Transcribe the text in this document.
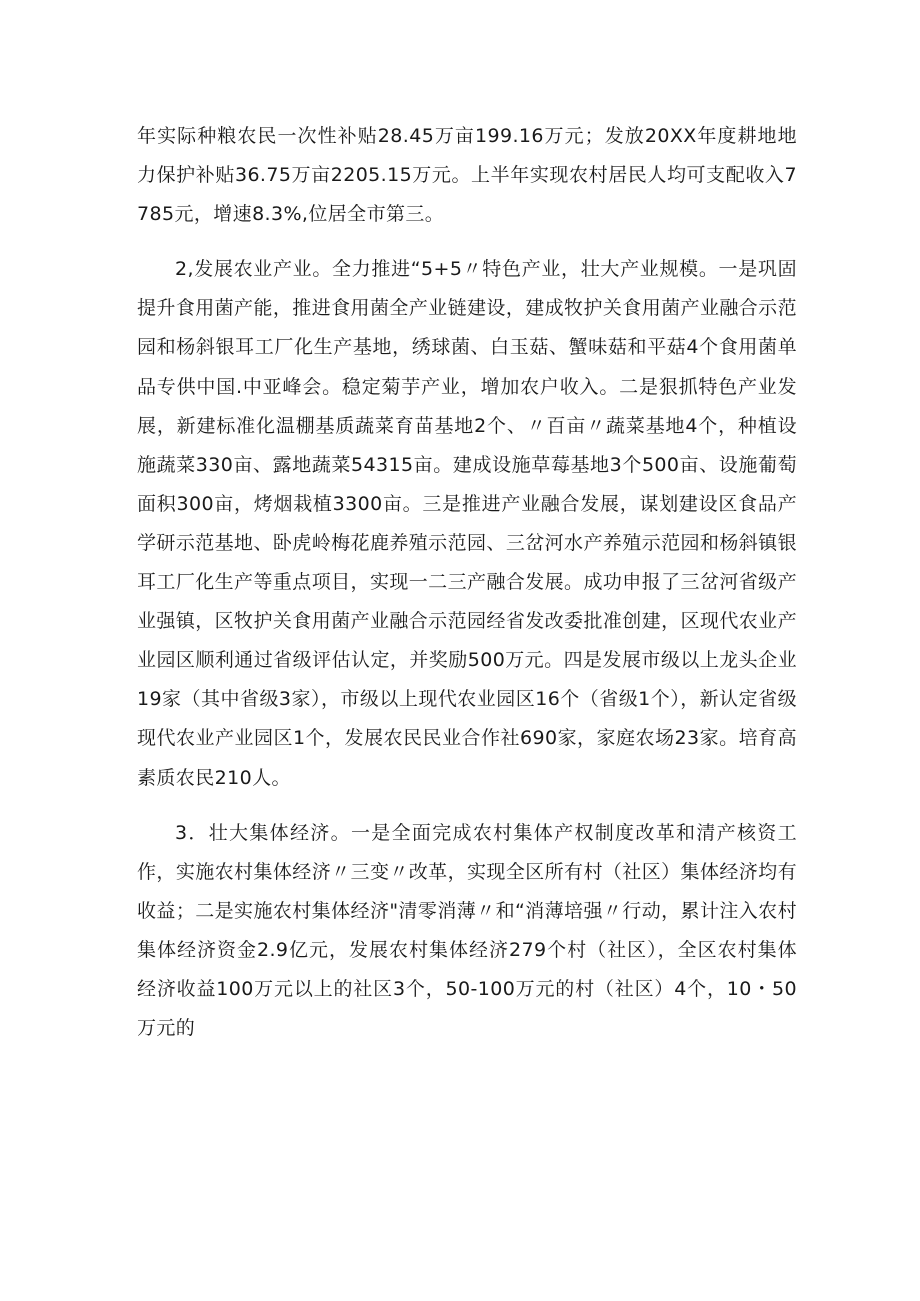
年实际种粮农民一次性补贴28.45万亩199.16万元；发放20XX年度耕地地力保护补贴36.75万亩2205.15万元。上半年实现农村居民人均可支配收入7785元，增速8.3%,位居全市第三。

2,发展农业产业。全力推进“5+5〃特色产业，壮大产业规模。一是巩固提升食用菌产能，推进食用菌全产业链建设，建成牧护关食用菌产业融合示范园和杨斜银耳工厂化生产基地，绣球菌、白玉菇、蟹味菇和平菇4个食用菌单品专供中国.中亚峰会。稳定菊芋产业，增加农户收入。二是狠抓特色产业发展，新建标准化温棚基质蔬菜育苗基地2个、〃百亩〃蔬菜基地4个，种植设施蔬菜330亩、露地蔬菜54315亩。建成设施草莓基地3个500亩、设施葡萄面积300亩，烤烟栽植3300亩。三是推进产业融合发展，谋划建设区食品产学研示范基地、卧虎岭梅花鹿养殖示范园、三岔河水产养殖示范园和杨斜镇银耳工厂化生产等重点项目，实现一二三产融合发展。成功申报了三岔河省级产业强镇，区牧护关食用菌产业融合示范园经省发改委批准创建，区现代农业产业园区顺利通过省级评估认定，并奖励500万元。四是发展市级以上龙头企业19家（其中省级3家），市级以上现代农业园区16个（省级1个），新认定省级现代农业产业园区1个，发展农民民业合作社690家，家庭农场23家。培育高素质农民210人。

3．壮大集体经济。一是全面完成农村集体产权制度改革和清产核资工作，实施农村集体经济〃三变〃改革，实现全区所有村（社区）集体经济均有收益；二是实施农村集体经济"清零消薄〃和“消薄培强〃行动，累计注入农村集体经济资金2.9亿元，发展农村集体经济279个村（社区），全区农村集体经济收益100万元以上的社区3个，50-100万元的村（社区）4个，10・50万元的
